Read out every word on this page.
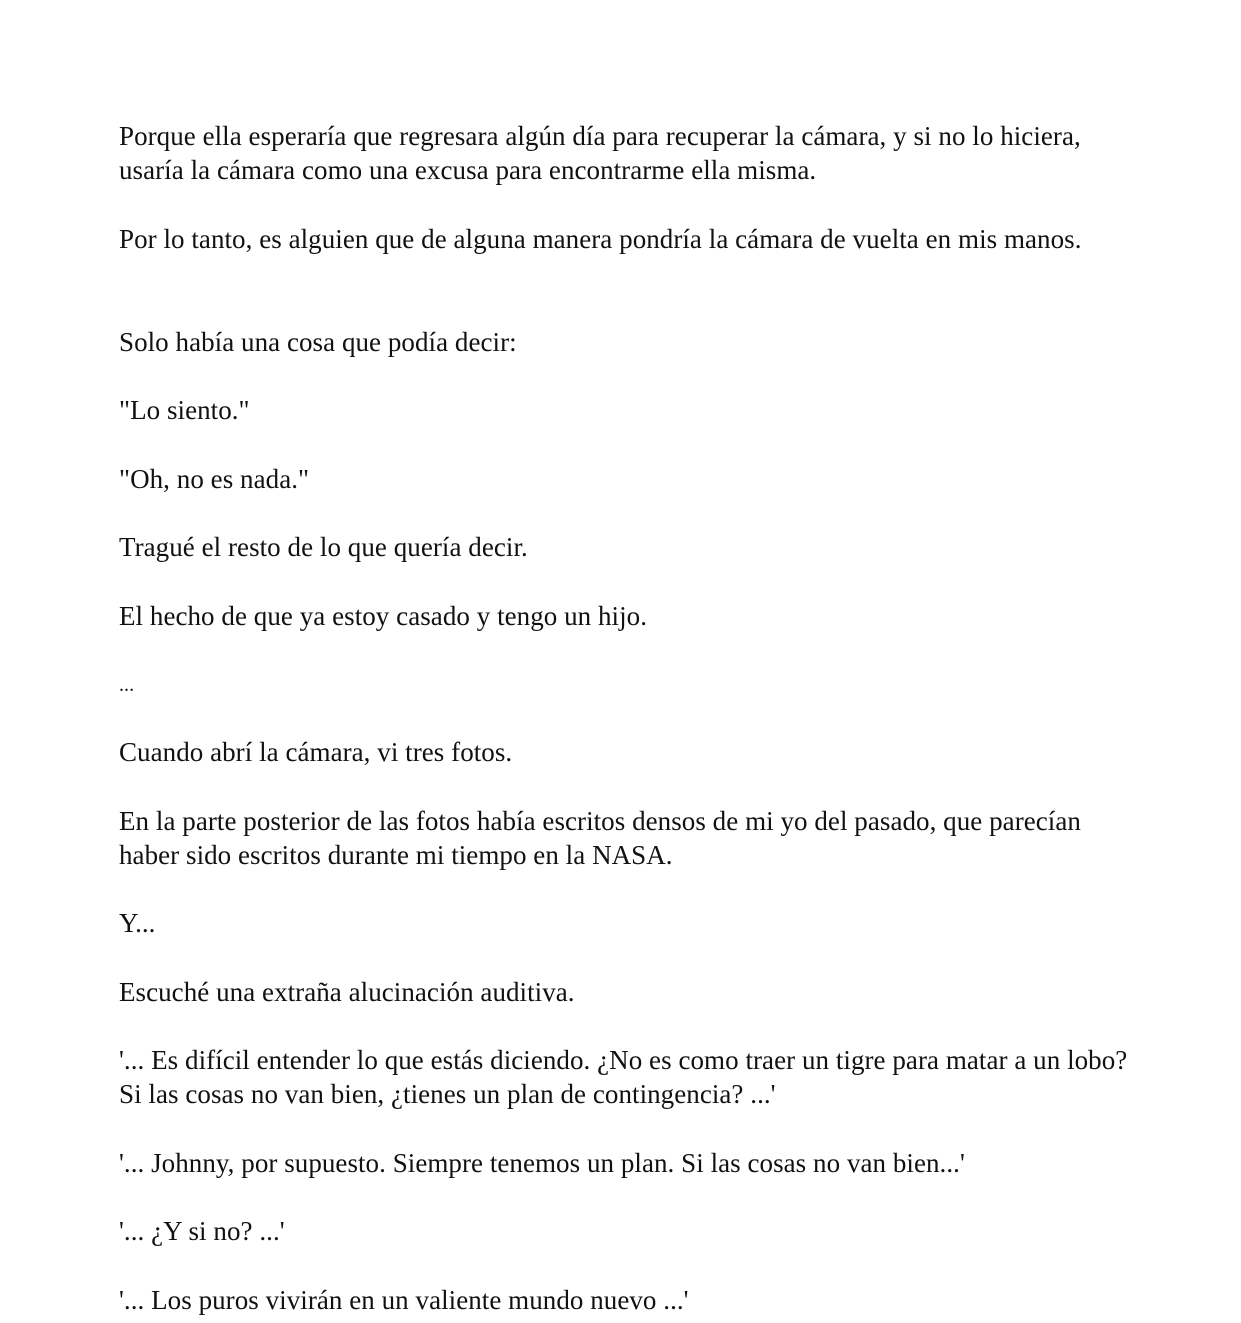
Porque ella esperaría que regresara algún día para recuperar la cámara, y si no lo hiciera, usaría la cámara como una excusa para encontrarme ella misma.

Por lo tanto, es alguien que de alguna manera pondría la cámara de vuelta en mis manos.

Solo había una cosa que podía decir:

"Lo siento."

"Oh, no es nada."

Tragué el resto de lo que quería decir.

El hecho de que ya estoy casado y tengo un hijo.

...

Cuando abrí la cámara, vi tres fotos.

En la parte posterior de las fotos había escritos densos de mi yo del pasado, que parecían haber sido escritos durante mi tiempo en la NASA.

Y...

Escuché una extraña alucinación auditiva.

'... Es difícil entender lo que estás diciendo. ¿No es como traer un tigre para matar a un lobo? Si las cosas no van bien, ¿tienes un plan de contingencia? ...'

'... Johnny, por supuesto. Siempre tenemos un plan. Si las cosas no van bien...'

'... ¿Y si no? ...'

'... Los puros vivirán en un valiente mundo nuevo ...'
